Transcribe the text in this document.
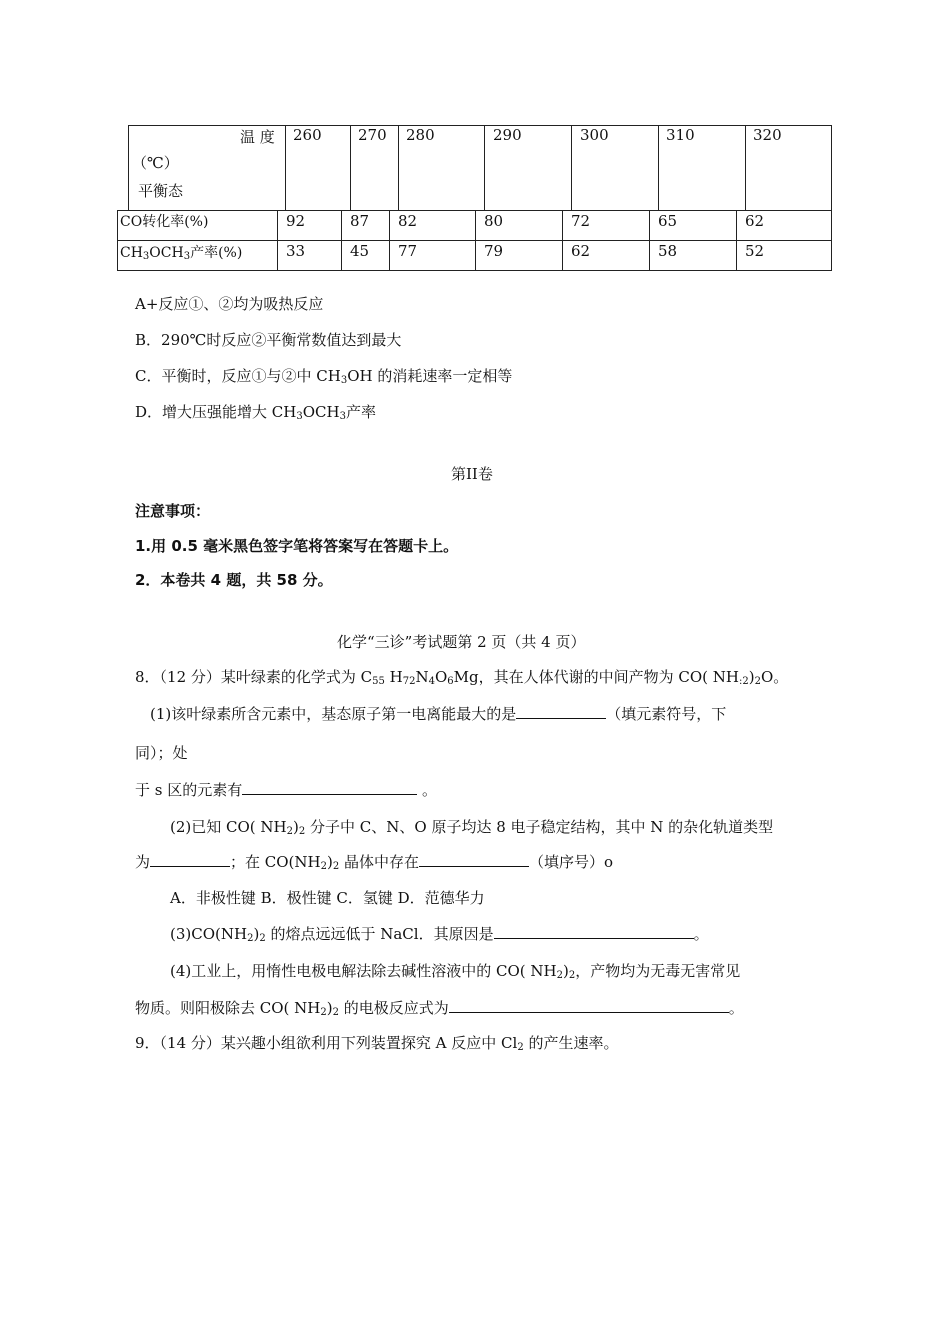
温 度
（℃）
平衡态
260 270 280	290	300	310	320
CO转化率(%)	92	87 82	80	72	65	62
$CH_3OCH_3$产率(%)	33	45 77	79	62	58	52
A+反应①、②均为吸热反应
B．290℃时反应②平衡常数值达到最大
C．平衡时，反应①与②中 $CH_3OH$ 的消耗速率一定相等
D．增大压强能增大 $CH_3OCH_3$产率
第II卷
注意事项：
1.用 0.5 毫米黑色签字笔将答案写在答题卡上。
2．本卷共 4 题，共 58 分。
化学“三诊”考试题第 2 页（共 4 页）
8．（12 分）某叶绿素的化学式为 $C_{55}$ $H_{72}N_4O_6Mg$，其在人体代谢的中间产物为 CO( $NH_{:2})_2O$。
(1)该叶绿素所含元素中，基态原子第一电离能最大的是	（填元素符号，下
同）；处
于 s 区的元素有	。
(2)已知 CO( $NH_2)_2$ 分子中 C、N、O 原子均达 8 电子稳定结构，其中 N 的杂化轨道类型
为	；在 $CO(NH_2)_2$ 晶体中存在	（填序号）o
A．非极性键 B．极性键 C．氢键 D．范德华力
$(3)CO(NH_2)_2$ 的熔点远远低于 NaCl．其原因是	。
(4)工业上，用惰性电极电解法除去碱性溶液中的 CO( $NH_2)_2$，产物均为无毒无害常见
物质。则阳极除去 CO( $NH_2)_2$ 的电极反应式为	。
9．（14 分）某兴趣小组欲利用下列装置探究 A 反应中 $Cl_2$ 的产生速率。
